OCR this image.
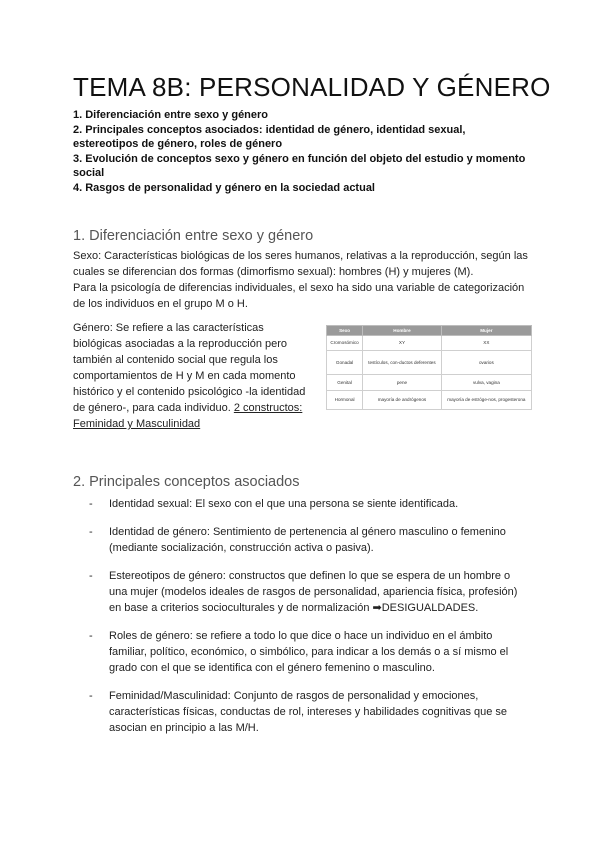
TEMA 8B: PERSONALIDAD Y GÉNERO
1. Diferenciación entre sexo y género
2. Principales conceptos asociados: identidad de género, identidad sexual, estereotipos de género, roles de género
3. Evolución de conceptos sexo y género en función del objeto del estudio y momento social
4. Rasgos de personalidad y género en la sociedad actual
1. Diferenciación entre sexo y género

Sexo: Características biológicas de los seres humanos, relativas a la reproducción, según las cuales se diferencian dos formas (dimorfismo sexual): hombres (H) y mujeres (M).

Para la psicología de diferencias individuales, el sexo ha sido una variable de categorización de los individuos en el grupo M o H.

Género: Se refiere a las características biológicas asociadas a la reproducción pero también al contenido social que regula los comportamientos de H y M en cada momento histórico y el contenido psicológico -la identidad de género-, para cada individuo. 2 constructos: Feminidad y Masculinidad

Sexo	Hombre	Mujer
Cromosómico	XY	XX
Gonadal	testículos, con-ductos deferentes	ovarios
Genital	pene	vulva, vagina
Hormonal	mayoría de andrógenos	mayoría de estróge-nos, progesterona
2. Principales conceptos asociados
- Identidad sexual: El sexo con el que una persona se siente identificada.
- Identidad de género: Sentimiento de pertenencia al género masculino o femenino (mediante socialización, construcción activa o pasiva).
- Estereotipos de género: constructos que definen lo que se espera de un hombre o una mujer (modelos ideales de rasgos de personalidad, apariencia física, profesión) en base a criterios socioculturales y de normalización ➡DESIGUALDADES.
- Roles de género: se refiere a todo lo que dice o hace un individuo en el ámbito familiar, político, económico, o simbólico, para indicar a los demás o a sí mismo el grado con el que se identifica con el género femenino o masculino.
- Feminidad/Masculinidad: Conjunto de rasgos de personalidad y emociones, características físicas, conductas de rol, intereses y habilidades cognitivas que se asocian en principio a las M/H.
